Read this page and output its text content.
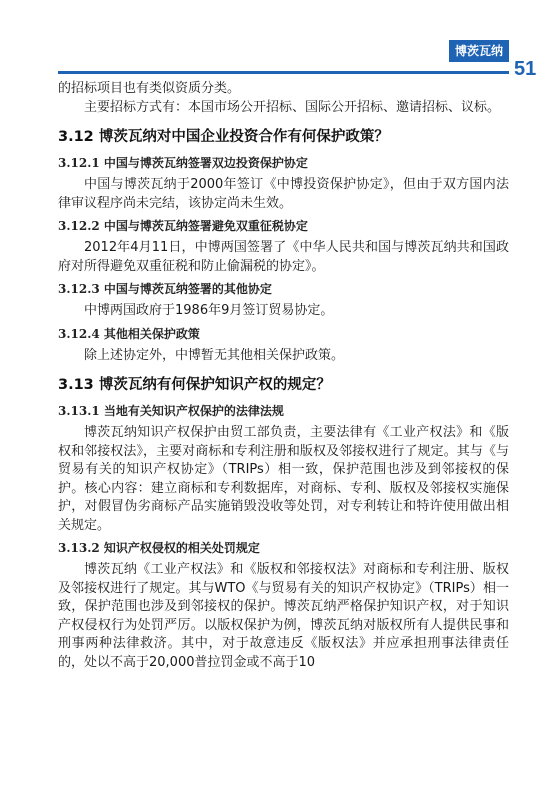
博茨瓦纳
51

的招标项目也有类似资质分类。

主要招标方式有：本国市场公开招标、国际公开招标、邀请招标、议标。

3.12 博茨瓦纳对中国企业投资合作有何保护政策？
3.12.1 中国与博茨瓦纳签署双边投资保护协定

中国与博茨瓦纳于2000年签订《中博投资保护协定》，但由于双方国内法律审议程序尚未完结，该协定尚未生效。

3.12.2 中国与博茨瓦纳签署避免双重征税协定

2012年4月11日，中博两国签署了《中华人民共和国与博茨瓦纳共和国政府对所得避免双重征税和防止偷漏税的协定》。

3.12.3 中国与博茨瓦纳签署的其他协定

中博两国政府于1986年9月签订贸易协定。

3.12.4 其他相关保护政策

除上述协定外，中博暂无其他相关保护政策。

3.13 博茨瓦纳有何保护知识产权的规定？
3.13.1 当地有关知识产权保护的法律法规

博茨瓦纳知识产权保护由贸工部负责，主要法律有《工业产权法》和《版权和邻接权法》，主要对商标和专利注册和版权及邻接权进行了规定。其与《与贸易有关的知识产权协定》（TRIPs）相一致，保护范围也涉及到邻接权的保护。核心内容：建立商标和专利数据库，对商标、专利、版权及邻接权实施保护，对假冒伪劣商标产品实施销毁没收等处罚，对专利转让和特许使用做出相关规定。

3.13.2 知识产权侵权的相关处罚规定

博茨瓦纳《工业产权法》和《版权和邻接权法》对商标和专利注册、版权及邻接权进行了规定。其与WTO《与贸易有关的知识产权协定》（TRIPs）相一致，保护范围也涉及到邻接权的保护。博茨瓦纳严格保护知识产权，对于知识产权侵权行为处罚严厉。以版权保护为例，博茨瓦纳对版权所有人提供民事和刑事两种法律救济。其中，对于故意违反《版权法》并应承担刑事法律责任的，处以不高于20,000普拉罚金或不高于10
